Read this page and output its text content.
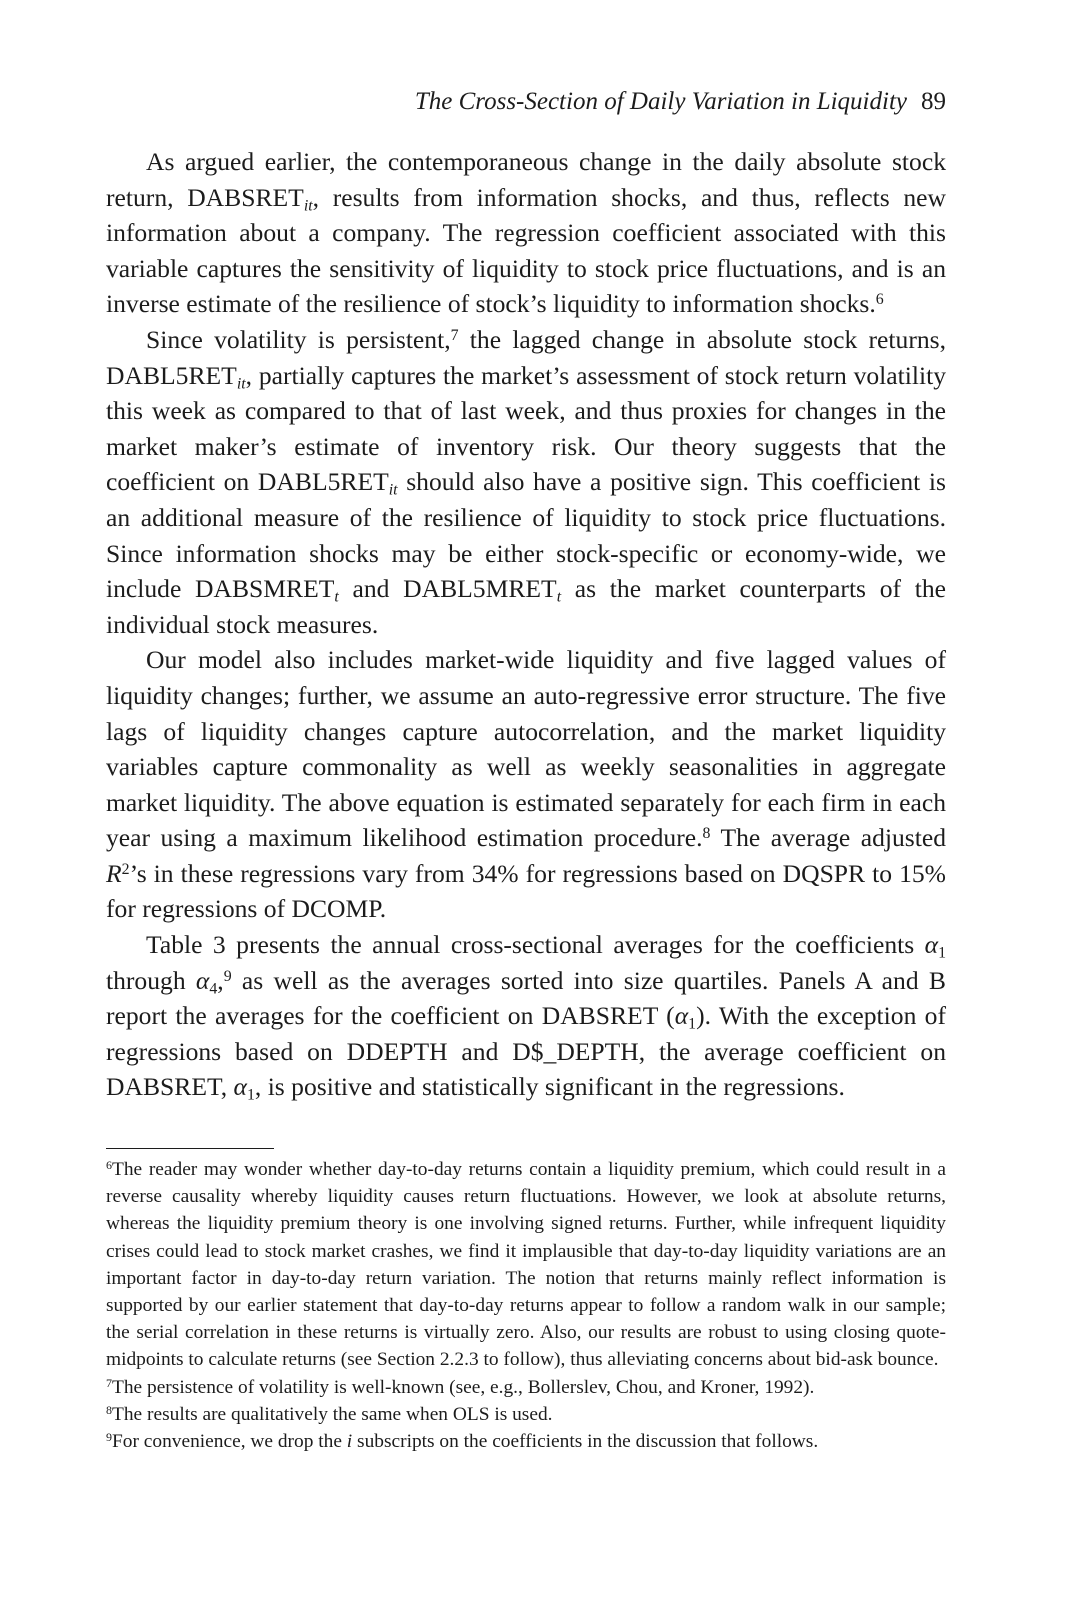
The Cross-Section of Daily Variation in Liquidity 89

As argued earlier, the contemporaneous change in the daily absolute stock return, $DABSRET_{it}$, results from information shocks, and thus, reflects new information about a company. The regression coefficient associated with this variable captures the sensitivity of liquidity to stock price fluctuations, and is an inverse estimate of the resilience of stock’s liquidity to information shocks.$^6$

Since volatility is persistent,$^7$ the lagged change in absolute stock returns, $DABL5RET_{it}$, partially captures the market’s assessment of stock return volatility this week as compared to that of last week, and thus proxies for changes in the market maker’s estimate of inventory risk. Our theory suggests that the coefficient on $DABL5RET_{it}$ should also have a positive sign. This coefficient is an additional measure of the resilience of liquidity to stock price fluctuations. Since information shocks may be either stock-specific or economy-wide, we include $DABSMRET_t$ and $DABL5MRET_t$ as the market counterparts of the individual stock measures.

Our model also includes market-wide liquidity and five lagged values of liquidity changes; further, we assume an auto-regressive error structure. The five lags of liquidity changes capture autocorrelation, and the market liquidity variables capture commonality as well as weekly seasonalities in aggregate market liquidity. The above equation is estimated separately for each firm in each year using a maximum likelihood estimation procedure.$^8$ The average adjusted $R^2’s$ in these regressions vary from 34% for regressions based on DQSPR to 15% for regressions of DCOMP.

Table 3 presents the annual cross-sectional averages for the coefficients $\alpha_1$ through $\alpha_4,^9$ as well as the averages sorted into size quartiles. Panels A and B report the averages for the coefficient on DABSRET $(\alpha_1)$. With the exception of regressions based on DDEPTH and D$_DEPTH, the average coefficient on DABSRET, $\alpha_1$, is positive and statistically significant in the regressions.

$^6$The reader may wonder whether day-to-day returns contain a liquidity premium, which could result in a reverse causality whereby liquidity causes return fluctuations. However, we look at absolute returns, whereas the liquidity premium theory is one involving signed returns. Further, while infrequent liquidity crises could lead to stock market crashes, we find it implausible that day-to-day liquidity variations are an important factor in day-to-day return variation. The notion that returns mainly reflect information is supported by our earlier statement that day-to-day returns appear to follow a random walk in our sample; the serial correlation in these returns is virtually zero. Also, our results are robust to using closing quote-midpoints to calculate returns (see Section 2.2.3 to follow), thus alleviating concerns about bid-ask bounce.

$^7$The persistence of volatility is well-known (see, e.g., Bollerslev, Chou, and Kroner, 1992).

$^8$The results are qualitatively the same when OLS is used.

$^9$For convenience, we drop the i subscripts on the coefficients in the discussion that follows.
